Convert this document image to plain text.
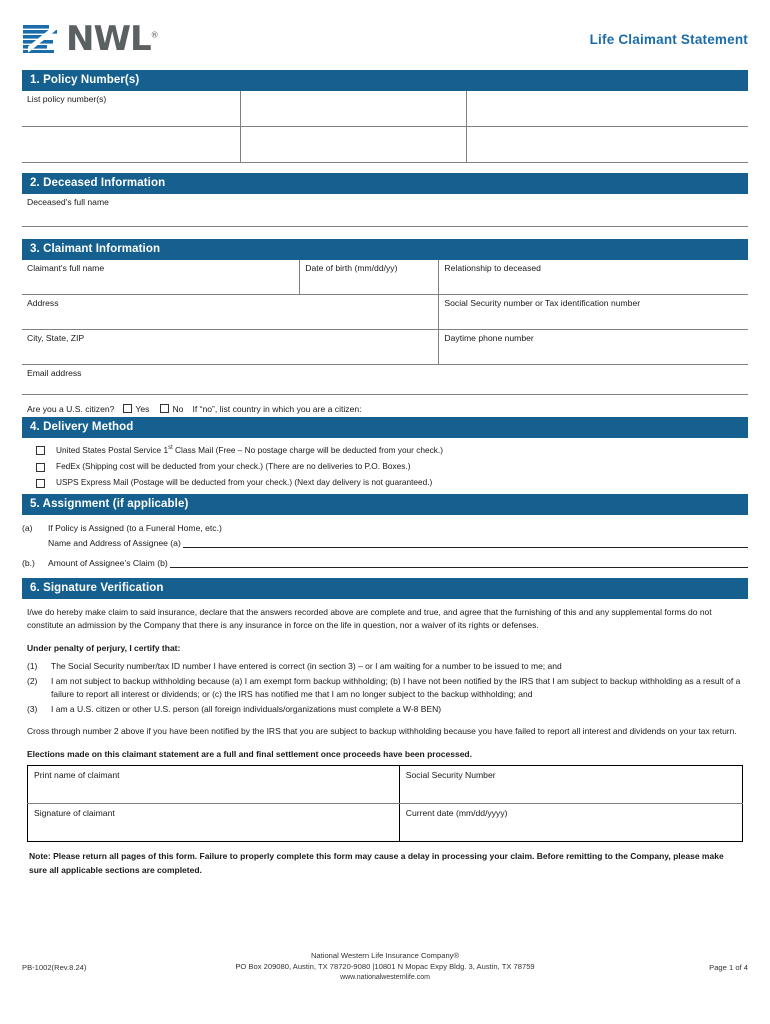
NWL®	Life Claimant Statement
1. Policy Number(s)
List policy number(s)		

2. Deceased Information
Deceased's full name
3. Claimant Information
Claimant's full name	Date of birth (mm/dd/yy)	Relationship to deceased
Address		Social Security number or Tax identification number
City, State, ZIP		Daytime phone number
Email address
Are you a U.S. citizen? Yes	No If “no”, list country in which you are a citizen:
4. Delivery Method
United States Postal Service 1st Class Mail (Free – No postage charge will be deducted from your check.)
FedEx (Shipping cost will be deducted from your check.) (There are no deliveries to P.O. Boxes.)
USPS Express Mail (Postage will be deducted from your check.) (Next day delivery is not guaranteed.)
5. Assignment (if applicable)
(a)	If Policy is Assigned (to a Funeral Home, etc.)
Name and Address of Assignee (a)
(b.)	Amount of Assignee’s Claim (b)
6. Signature Verification

I/we do hereby make claim to said insurance, declare that the answers recorded above are complete and true, and agree that the furnishing of this and any supplemental forms do not constitute an admission by the Company that there is any insurance in force on the life in question, nor a waiver of its rights or defenses.

Under penalty of perjury, I certify that:

(1)	The Social Security number/tax ID number I have entered is correct (in section 3) – or I am waiting for a number to be issued to me; and
(2)	I am not subject to backup withholding because (a) I am exempt form backup withholding; (b) I have not been notified by the IRS that I am subject to backup withholding as a result of a failure to report all interest or dividends; or (c) the IRS has notified me that I am no longer subject to the backup withholding; and
(3)	I am a U.S. citizen or other U.S. person (all foreign individuals/organizations must complete a W-8 BEN)

Cross through number 2 above if you have been notified by the IRS that you are subject to backup withholding because you have failed to report all interest and dividends on your tax return.

Elections made on this claimant statement are a full and final settlement once proceeds have been processed.

Print name of claimant	Social Security Number
Signature of claimant	Current date (mm/dd/yyyy)
Note: Please return all pages of this form. Failure to properly complete this form may cause a delay in processing your claim. Before remitting to the Company, please make sure all applicable sections are completed.
PB-1002(Rev.8.24)
National Western Life Insurance Company®
PO Box 209080, Austin, TX 78720-9080 |10801 N Mopac Expy Bldg. 3, Austin, TX 78759
www.nationalwesternlife.com
Page 1 of 4
